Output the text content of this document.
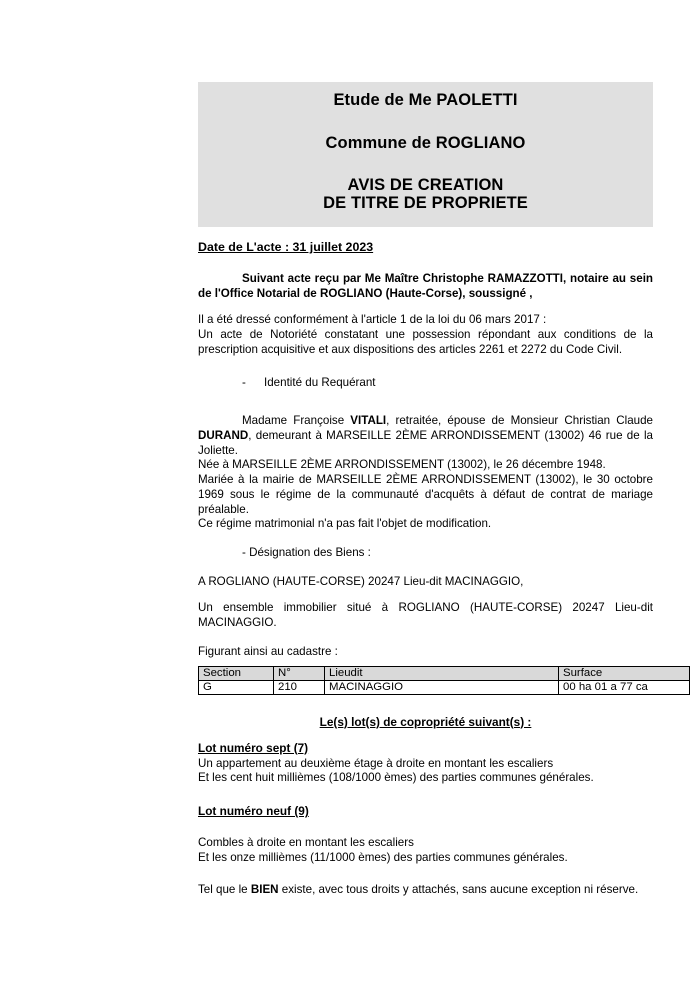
Etude de Me PAOLETTI
Commune de ROGLIANO
AVIS DE CREATION
DE TITRE DE PROPRIETE
Date de L'acte : 31 juillet 2023

Suivant acte reçu par Me Maître Christophe RAMAZZOTTI, notaire au sein de l'Office Notarial de ROGLIANO (Haute-Corse), soussigné ,

Il a été dressé conformément à l'article 1 de la loi du 06 mars 2017 :

Un acte de Notoriété constatant une possession répondant aux conditions de la prescription acquisitive et aux dispositions des articles 2261 et 2272 du Code Civil.

- Identité du Requérant

Madame Françoise VITALI, retraitée, épouse de Monsieur Christian Claude DURAND, demeurant à MARSEILLE 2ÈME ARRONDISSEMENT (13002) 46 rue de la Joliette.

Née à MARSEILLE 2ÈME ARRONDISSEMENT (13002), le 26 décembre 1948.

Mariée à la mairie de MARSEILLE 2ÈME ARRONDISSEMENT (13002), le 30 octobre 1969 sous le régime de la communauté d'acquêts à défaut de contrat de mariage préalable.

Ce régime matrimonial n'a pas fait l'objet de modification.

- Désignation des Biens :

A ROGLIANO (HAUTE-CORSE) 20247 Lieu-dit MACINAGGIO,

Un ensemble immobilier situé à ROGLIANO (HAUTE-CORSE) 20247 Lieu-dit MACINAGGIO.

Figurant ainsi au cadastre :

Section	N°	Lieudit	Surface
G	210	MACINAGGIO	00 ha 01 a 77 ca
Le(s) lot(s) de copropriété suivant(s) :
Lot numéro sept (7)
Un appartement au deuxième étage à droite en montant les escaliers
Et les cent huit millièmes (108/1000 èmes) des parties communes générales.
Lot numéro neuf (9)
Combles à droite en montant les escaliers
Et les onze millièmes (11/1000 èmes) des parties communes générales.

Tel que le BIEN existe, avec tous droits y attachés, sans aucune exception ni réserve.
